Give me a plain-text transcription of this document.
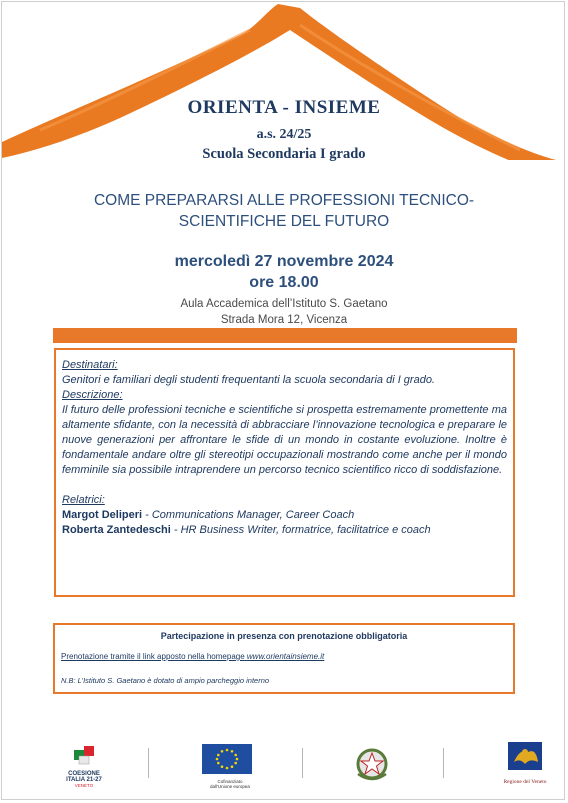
ORIENTA - INSIEME
a.s. 24/25
Scuola Secondaria I grado
COME PREPARARSI ALLE PROFESSIONI TECNICO-SCIENTIFICHE DEL FUTURO
mercoledì 27 novembre 2024
ore 18.00
Aula Accademica dell’Istituto S. Gaetano
Strada Mora 12, Vicenza
Destinatari:
Genitori e familiari degli studenti frequentanti la scuola secondaria di I grado.
Descrizione:
Il futuro delle professioni tecniche e scientifiche si prospetta estremamente promettente ma altamente sfidante, con la necessità di abbracciare l’innovazione tecnologica e preparare le nuove generazioni per affrontare le sfide di un mondo in costante evoluzione. Inoltre è fondamentale andare oltre gli stereotipi occupazionali mostrando come anche per il mondo femminile sia possibile intraprendere un percorso tecnico scientifico ricco di soddisfazione.
Relatrici:
Margot Deliperi - Communications Manager, Career Coach
Roberta Zantedeschi - HR Business Writer, formatrice, facilitatrice e coach
Partecipazione in presenza con prenotazione obbligatoria
Prenotazione tramite il link apposto nella homepage www.orientainsieme.it
N.B: L’Istituto S. Gaetano è dotato di ampio parcheggio interno
COESIONE
ITALIA 21-27
VENETO
Cofinanziato
dall'Unione europea
Regione del Veneto
